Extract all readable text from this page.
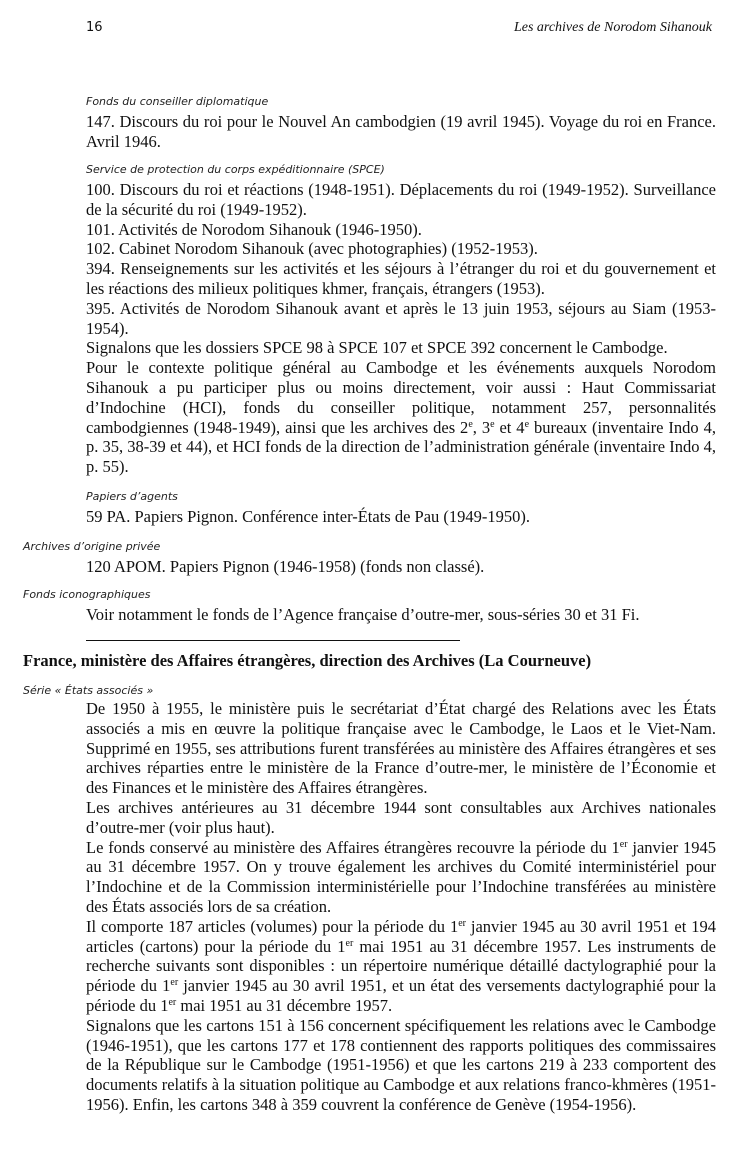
16	Les archives de Norodom Sihanouk
Fonds du conseiller diplomatique

147. Discours du roi pour le Nouvel An cambodgien (19 avril 1945). Voyage du roi en France. Avril 1946.

Service de protection du corps expéditionnaire (SPCE)

100. Discours du roi et réactions (1948-1951). Déplacements du roi (1949-1952). Surveillance de la sécurité du roi (1949-1952).

101. Activités de Norodom Sihanouk (1946-1950).

102. Cabinet Norodom Sihanouk (avec photographies) (1952-1953).

394. Renseignements sur les activités et les séjours à l’étranger du roi et du gouvernement et les réactions des milieux politiques khmer, français, étrangers (1953).

395. Activités de Norodom Sihanouk avant et après le 13 juin 1953, séjours au Siam (1953-1954).

Signalons que les dossiers SPCE 98 à SPCE 107 et SPCE 392 concernent le Cambodge.

Pour le contexte politique général au Cambodge et les événements auxquels Norodom Sihanouk a pu participer plus ou moins directement, voir aussi : Haut Commissariat d’Indochine (HCI), fonds du conseiller politique, notamment 257, personnalités cambodgiennes (1948-1949), ainsi que les archives des 2e, 3e et 4e bureaux (inventaire Indo 4, p. 35, 38-39 et 44), et HCI fonds de la direction de l’administration générale (inventaire Indo 4, p. 55).

Papiers d’agents

59 PA. Papiers Pignon. Conférence inter-États de Pau (1949-1950).

Archives d’origine privée

120 APOM. Papiers Pignon (1946-1958) (fonds non classé).

Fonds iconographiques

Voir notamment le fonds de l’Agence française d’outre-mer, sous-séries 30 et 31 Fi.

France, ministère des Affaires étrangères, direction des Archives (La Courneuve)
Série « États associés »

De 1950 à 1955, le ministère puis le secrétariat d’État chargé des Relations avec les États associés a mis en œuvre la politique française avec le Cambodge, le Laos et le Viet-Nam. Supprimé en 1955, ses attributions furent transférées au ministère des Affaires étrangères et ses archives réparties entre le ministère de la France d’outre-mer, le ministère de l’Économie et des Finances et le ministère des Affaires étrangères.

Les archives antérieures au 31 décembre 1944 sont consultables aux Archives nationales d’outre-mer (voir plus haut).

Le fonds conservé au ministère des Affaires étrangères recouvre la période du 1er janvier 1945 au 31 décembre 1957. On y trouve également les archives du Comité interministériel pour l’Indochine et de la Commission interministérielle pour l’Indochine transférées au ministère des États associés lors de sa création.

Il comporte 187 articles (volumes) pour la période du 1er janvier 1945 au 30 avril 1951 et 194 articles (cartons) pour la période du 1er mai 1951 au 31 décembre 1957. Les instruments de recherche suivants sont disponibles : un répertoire numérique détaillé dactylographié pour la période du 1er janvier 1945 au 30 avril 1951, et un état des versements dactylographié pour la période du 1er mai 1951 au 31 décembre 1957.

Signalons que les cartons 151 à 156 concernent spécifiquement les relations avec le Cambodge (1946-1951), que les cartons 177 et 178 contiennent des rapports politiques des commissaires de la République sur le Cambodge (1951-1956) et que les cartons 219 à 233 comportent des documents relatifs à la situation politique au Cambodge et aux relations franco-khmères (1951-1956). Enfin, les cartons 348 à 359 couvrent la conférence de Genève (1954-1956).
